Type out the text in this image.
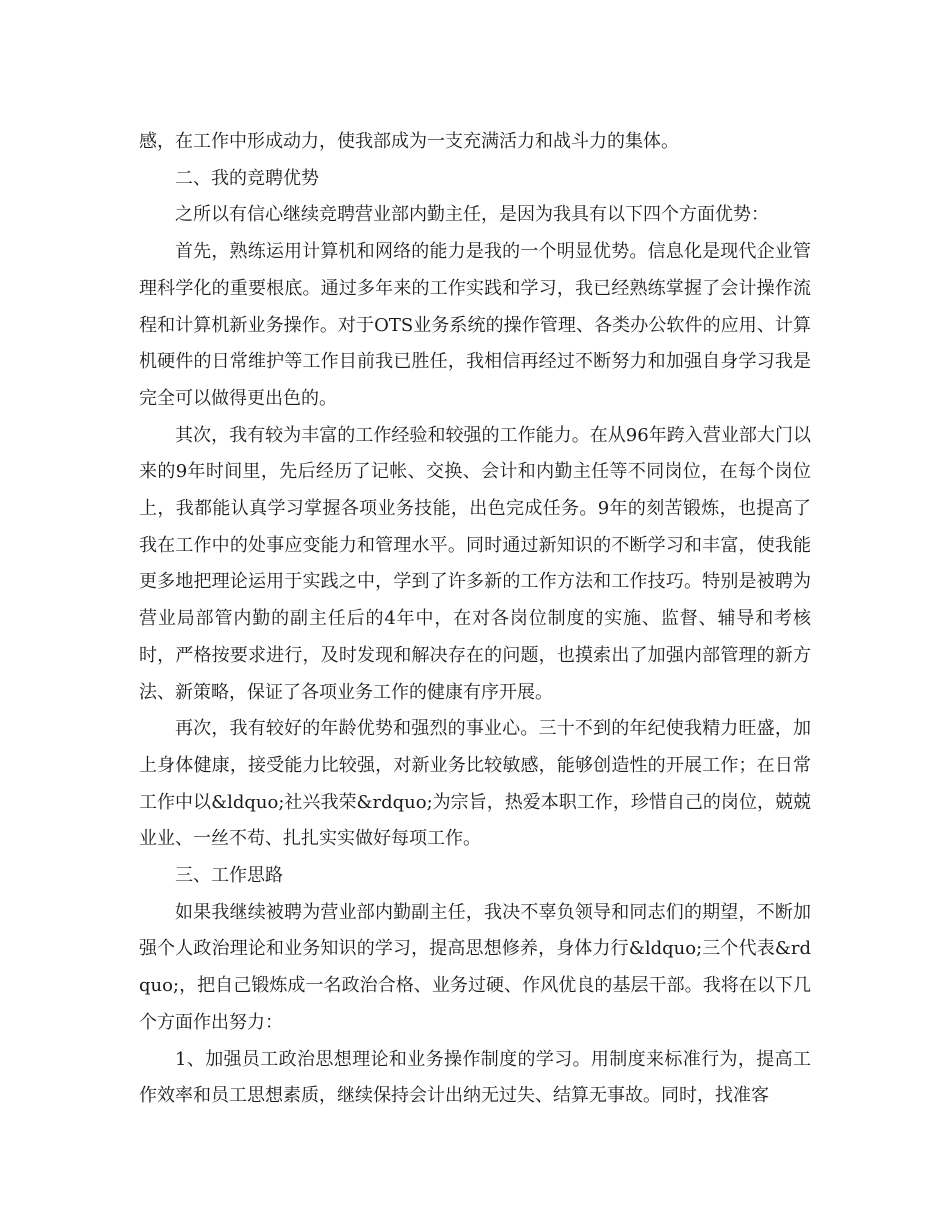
感，在工作中形成动力，使我部成为一支充满活力和战斗力的集体。

二、我的竞聘优势

之所以有信心继续竞聘营业部内勤主任，是因为我具有以下四个方面优势：

首先，熟练运用计算机和网络的能力是我的一个明显优势。信息化是现代企业管理科学化的重要根底。通过多年来的工作实践和学习，我已经熟练掌握了会计操作流程和计算机新业务操作。对于OTS业务系统的操作管理、各类办公软件的应用、计算机硬件的日常维护等工作目前我已胜任，我相信再经过不断努力和加强自身学习我是完全可以做得更出色的。

其次，我有较为丰富的工作经验和较强的工作能力。在从96年跨入营业部大门以来的9年时间里，先后经历了记帐、交换、会计和内勤主任等不同岗位，在每个岗位上，我都能认真学习掌握各项业务技能，出色完成任务。9年的刻苦锻炼，也提高了我在工作中的处事应变能力和管理水平。同时通过新知识的不断学习和丰富，使我能更多地把理论运用于实践之中，学到了许多新的工作方法和工作技巧。特别是被聘为营业局部管内勤的副主任后的4年中，在对各岗位制度的实施、监督、辅导和考核时，严格按要求进行，及时发现和解决存在的问题，也摸索出了加强内部管理的新方法、新策略，保证了各项业务工作的健康有序开展。

再次，我有较好的年龄优势和强烈的事业心。三十不到的年纪使我精力旺盛，加上身体健康，接受能力比较强，对新业务比较敏感，能够创造性的开展工作；在日常工作中以&ldquo;社兴我荣&rdquo;为宗旨，热爱本职工作，珍惜自己的岗位，兢兢业业、一丝不苟、扎扎实实做好每项工作。

三、工作思路

如果我继续被聘为营业部内勤副主任，我决不辜负领导和同志们的期望，不断加强个人政治理论和业务知识的学习，提高思想修养，身体力行&ldquo;三个代表&rdquo;，把自己锻炼成一名政治合格、业务过硬、作风优良的基层干部。我将在以下几个方面作出努力：

1、加强员工政治思想理论和业务操作制度的学习。用制度来标准行为，提高工作效率和员工思想素质，继续保持会计出纳无过失、结算无事故。同时，找准客
